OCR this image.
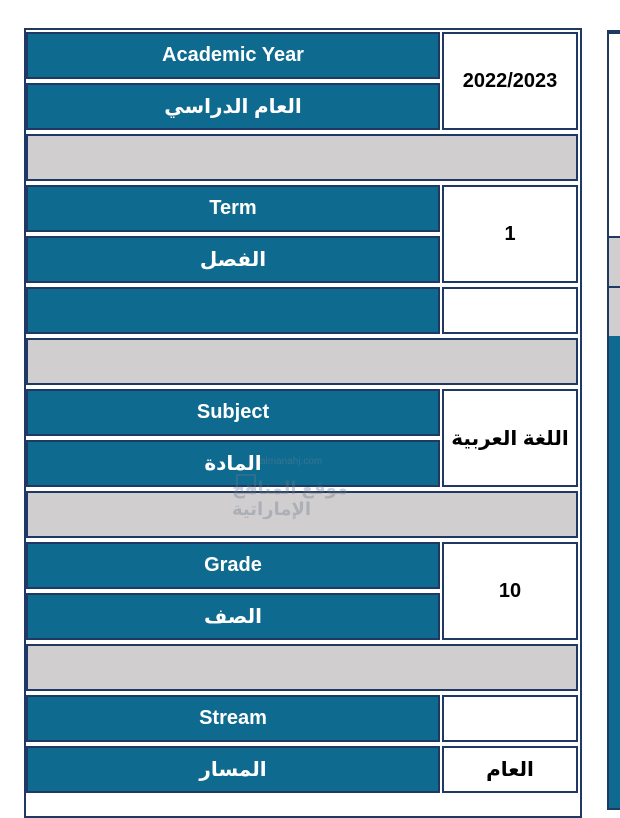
Academic Year
العام الدراسي
2022/2023
Term
الفصل
1
Subject
المادة
اللغة العربية
Grade
الصف
10
Stream
المسار	العام
almanahj.com
موقع المناهج الإماراتية
